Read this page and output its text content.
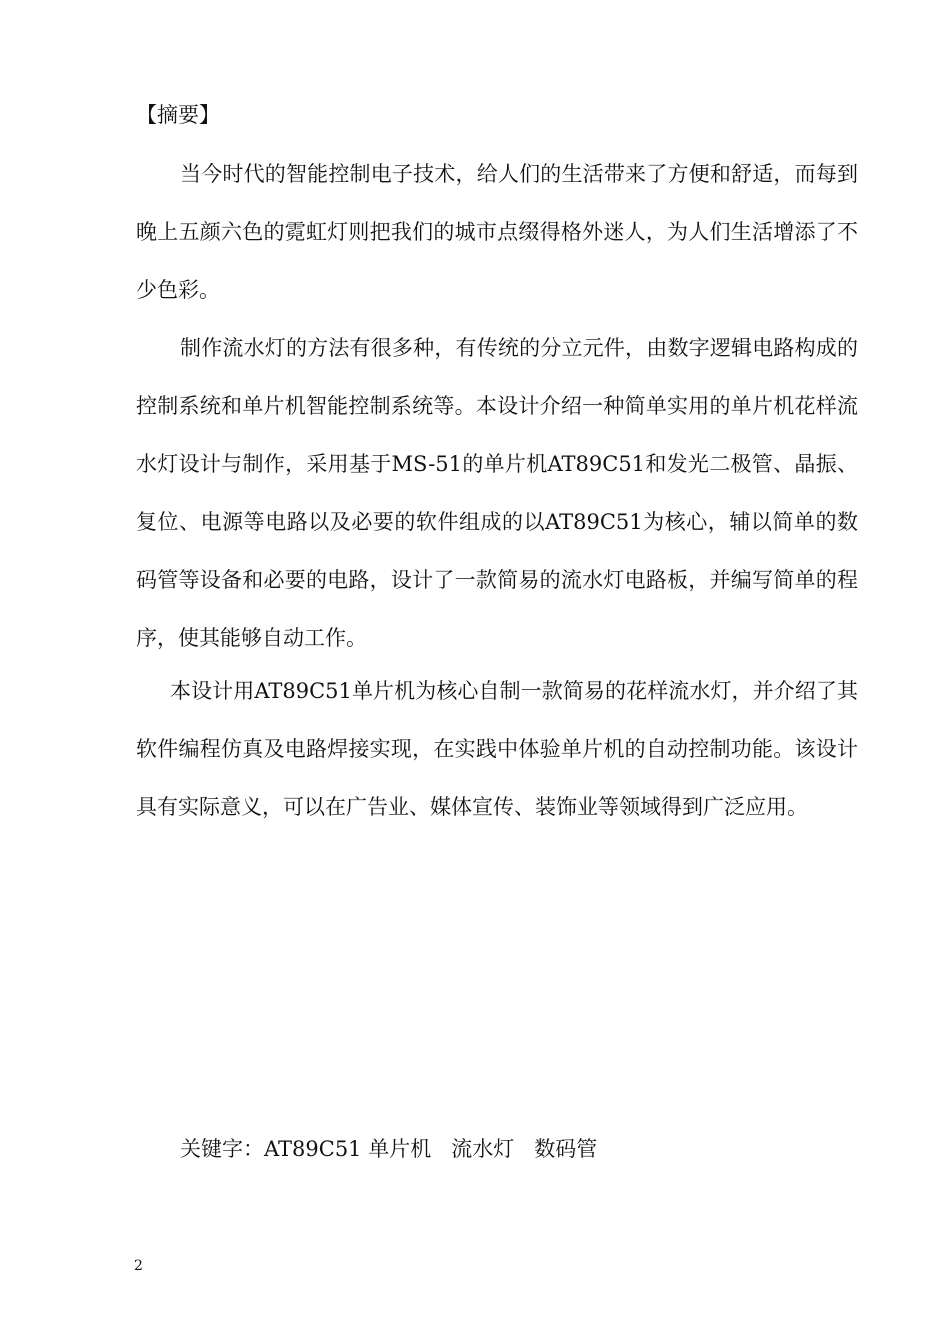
【摘要】

当今时代的智能控制电子技术，给人们的生活带来了方便和舒适，而每到晚上五颜六色的霓虹灯则把我们的城市点缀得格外迷人，为人们生活增添了不少色彩。

制作流水灯的方法有很多种，有传统的分立元件，由数字逻辑电路构成的控制系统和单片机智能控制系统等。本设计介绍一种简单实用的单片机花样流水灯设计与制作，采用基于MS-51的单片机AT89C51和发光二极管、晶振、复位、电源等电路以及必要的软件组成的以AT89C51为核心，辅以简单的数码管等设备和必要的电路，设计了一款简易的流水灯电路板，并编写简单的程序，使其能够自动工作。

本设计用AT89C51单片机为核心自制一款简易的花样流水灯，并介绍了其软件编程仿真及电路焊接实现，在实践中体验单片机的自动控制功能。该设计具有实际意义，可以在广告业、媒体宣传、装饰业等领域得到广泛应用。

关键字：AT89C51 单片机   流水灯   数码管
2
